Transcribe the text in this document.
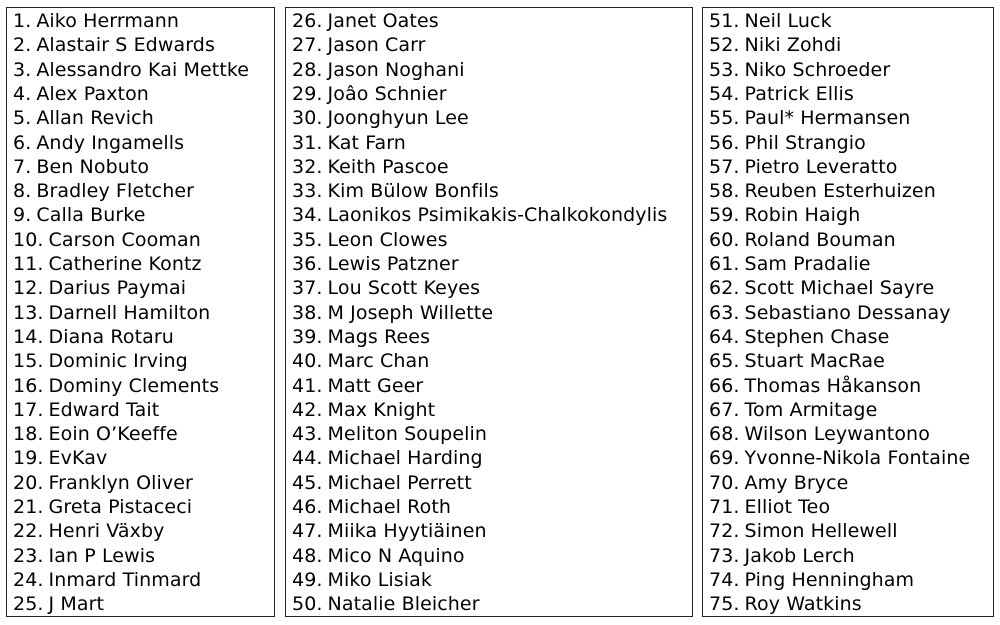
1. Aiko Herrmann
2. Alastair S Edwards
3. Alessandro Kai Mettke
4. Alex Paxton
5. Allan Revich
6. Andy Ingamells
7. Ben Nobuto
8. Bradley Fletcher
9. Calla Burke
10. Carson Cooman
11. Catherine Kontz
12. Darius Paymai
13. Darnell Hamilton
14. Diana Rotaru
15. Dominic Irving
16. Dominy Clements
17. Edward Tait
18. Eoin O’Keeffe
19. EvKav
20. Franklyn Oliver
21. Greta Pistaceci
22. Henri Växby
23. Ian P Lewis
24. Inmard Tinmard
25. J Mart
26. Janet Oates
27. Jason Carr
28. Jason Noghani
29. Joâo Schnier
30. Joonghyun Lee
31. Kat Farn
32. Keith Pascoe
33. Kim Bülow Bonfils
34. Laonikos Psimikakis-Chalkokondylis
35. Leon Clowes
36. Lewis Patzner
37. Lou Scott Keyes
38. M Joseph Willette
39. Mags Rees
40. Marc Chan
41. Matt Geer
42. Max Knight
43. Meliton Soupelin
44. Michael Harding
45. Michael Perrett
46. Michael Roth
47. Miika Hyytiäinen
48. Mico N Aquino
49. Miko Lisiak
50. Natalie Bleicher
51. Neil Luck
52. Niki Zohdi
53. Niko Schroeder
54. Patrick Ellis
55. Paul* Hermansen
56. Phil Strangio
57. Pietro Leveratto
58. Reuben Esterhuizen
59. Robin Haigh
60. Roland Bouman
61. Sam Pradalie
62. Scott Michael Sayre
63. Sebastiano Dessanay
64. Stephen Chase
65. Stuart MacRae
66. Thomas Håkanson
67. Tom Armitage
68. Wilson Leywantono
69. Yvonne-Nikola Fontaine
70. Amy Bryce
71. Elliot Teo
72. Simon Hellewell
73. Jakob Lerch
74. Ping Henningham
75. Roy Watkins
